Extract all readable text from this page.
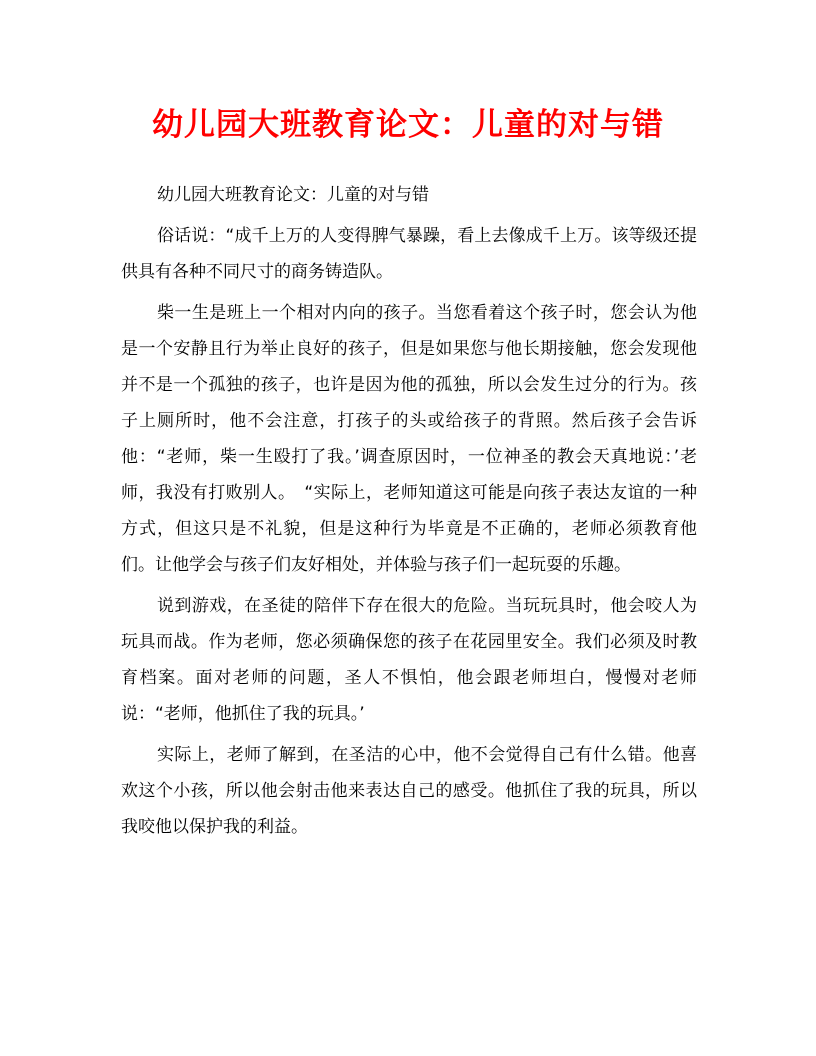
幼儿园大班教育论文：儿童的对与错

幼儿园大班教育论文：儿童的对与错

俗话说：“成千上万的人变得脾气暴躁，看上去像成千上万。该等级还提供具有各种不同尺寸的商务铸造队。

柴一生是班上一个相对内向的孩子。当您看着这个孩子时，您会认为他是一个安静且行为举止良好的孩子，但是如果您与他长期接触，您会发现他并不是一个孤独的孩子，也许是因为他的孤独，所以会发生过分的行为。孩子上厕所时，他不会注意，打孩子的头或给孩子的背照。然后孩子会告诉他：“老师，柴一生殴打了我。’调查原因时，一位神圣的教会天真地说：’老师，我没有打败别人。　“实际上，老师知道这可能是向孩子表达友谊的一种方式，但这只是不礼貌，但是这种行为毕竟是不正确的，老师必须教育他们。让他学会与孩子们友好相处，并体验与孩子们一起玩耍的乐趣。

说到游戏，在圣徒的陪伴下存在很大的危险。当玩玩具时，他会咬人为玩具而战。作为老师，您必须确保您的孩子在花园里安全。我们必须及时教育档案。面对老师的问题，圣人不惧怕，他会跟老师坦白，慢慢对老师说：“老师，他抓住了我的玩具。’

实际上，老师了解到，在圣洁的心中，他不会觉得自己有什么错。他喜欢这个小孩，所以他会射击他来表达自己的感受。他抓住了我的玩具，所以我咬他以保护我的利益。
